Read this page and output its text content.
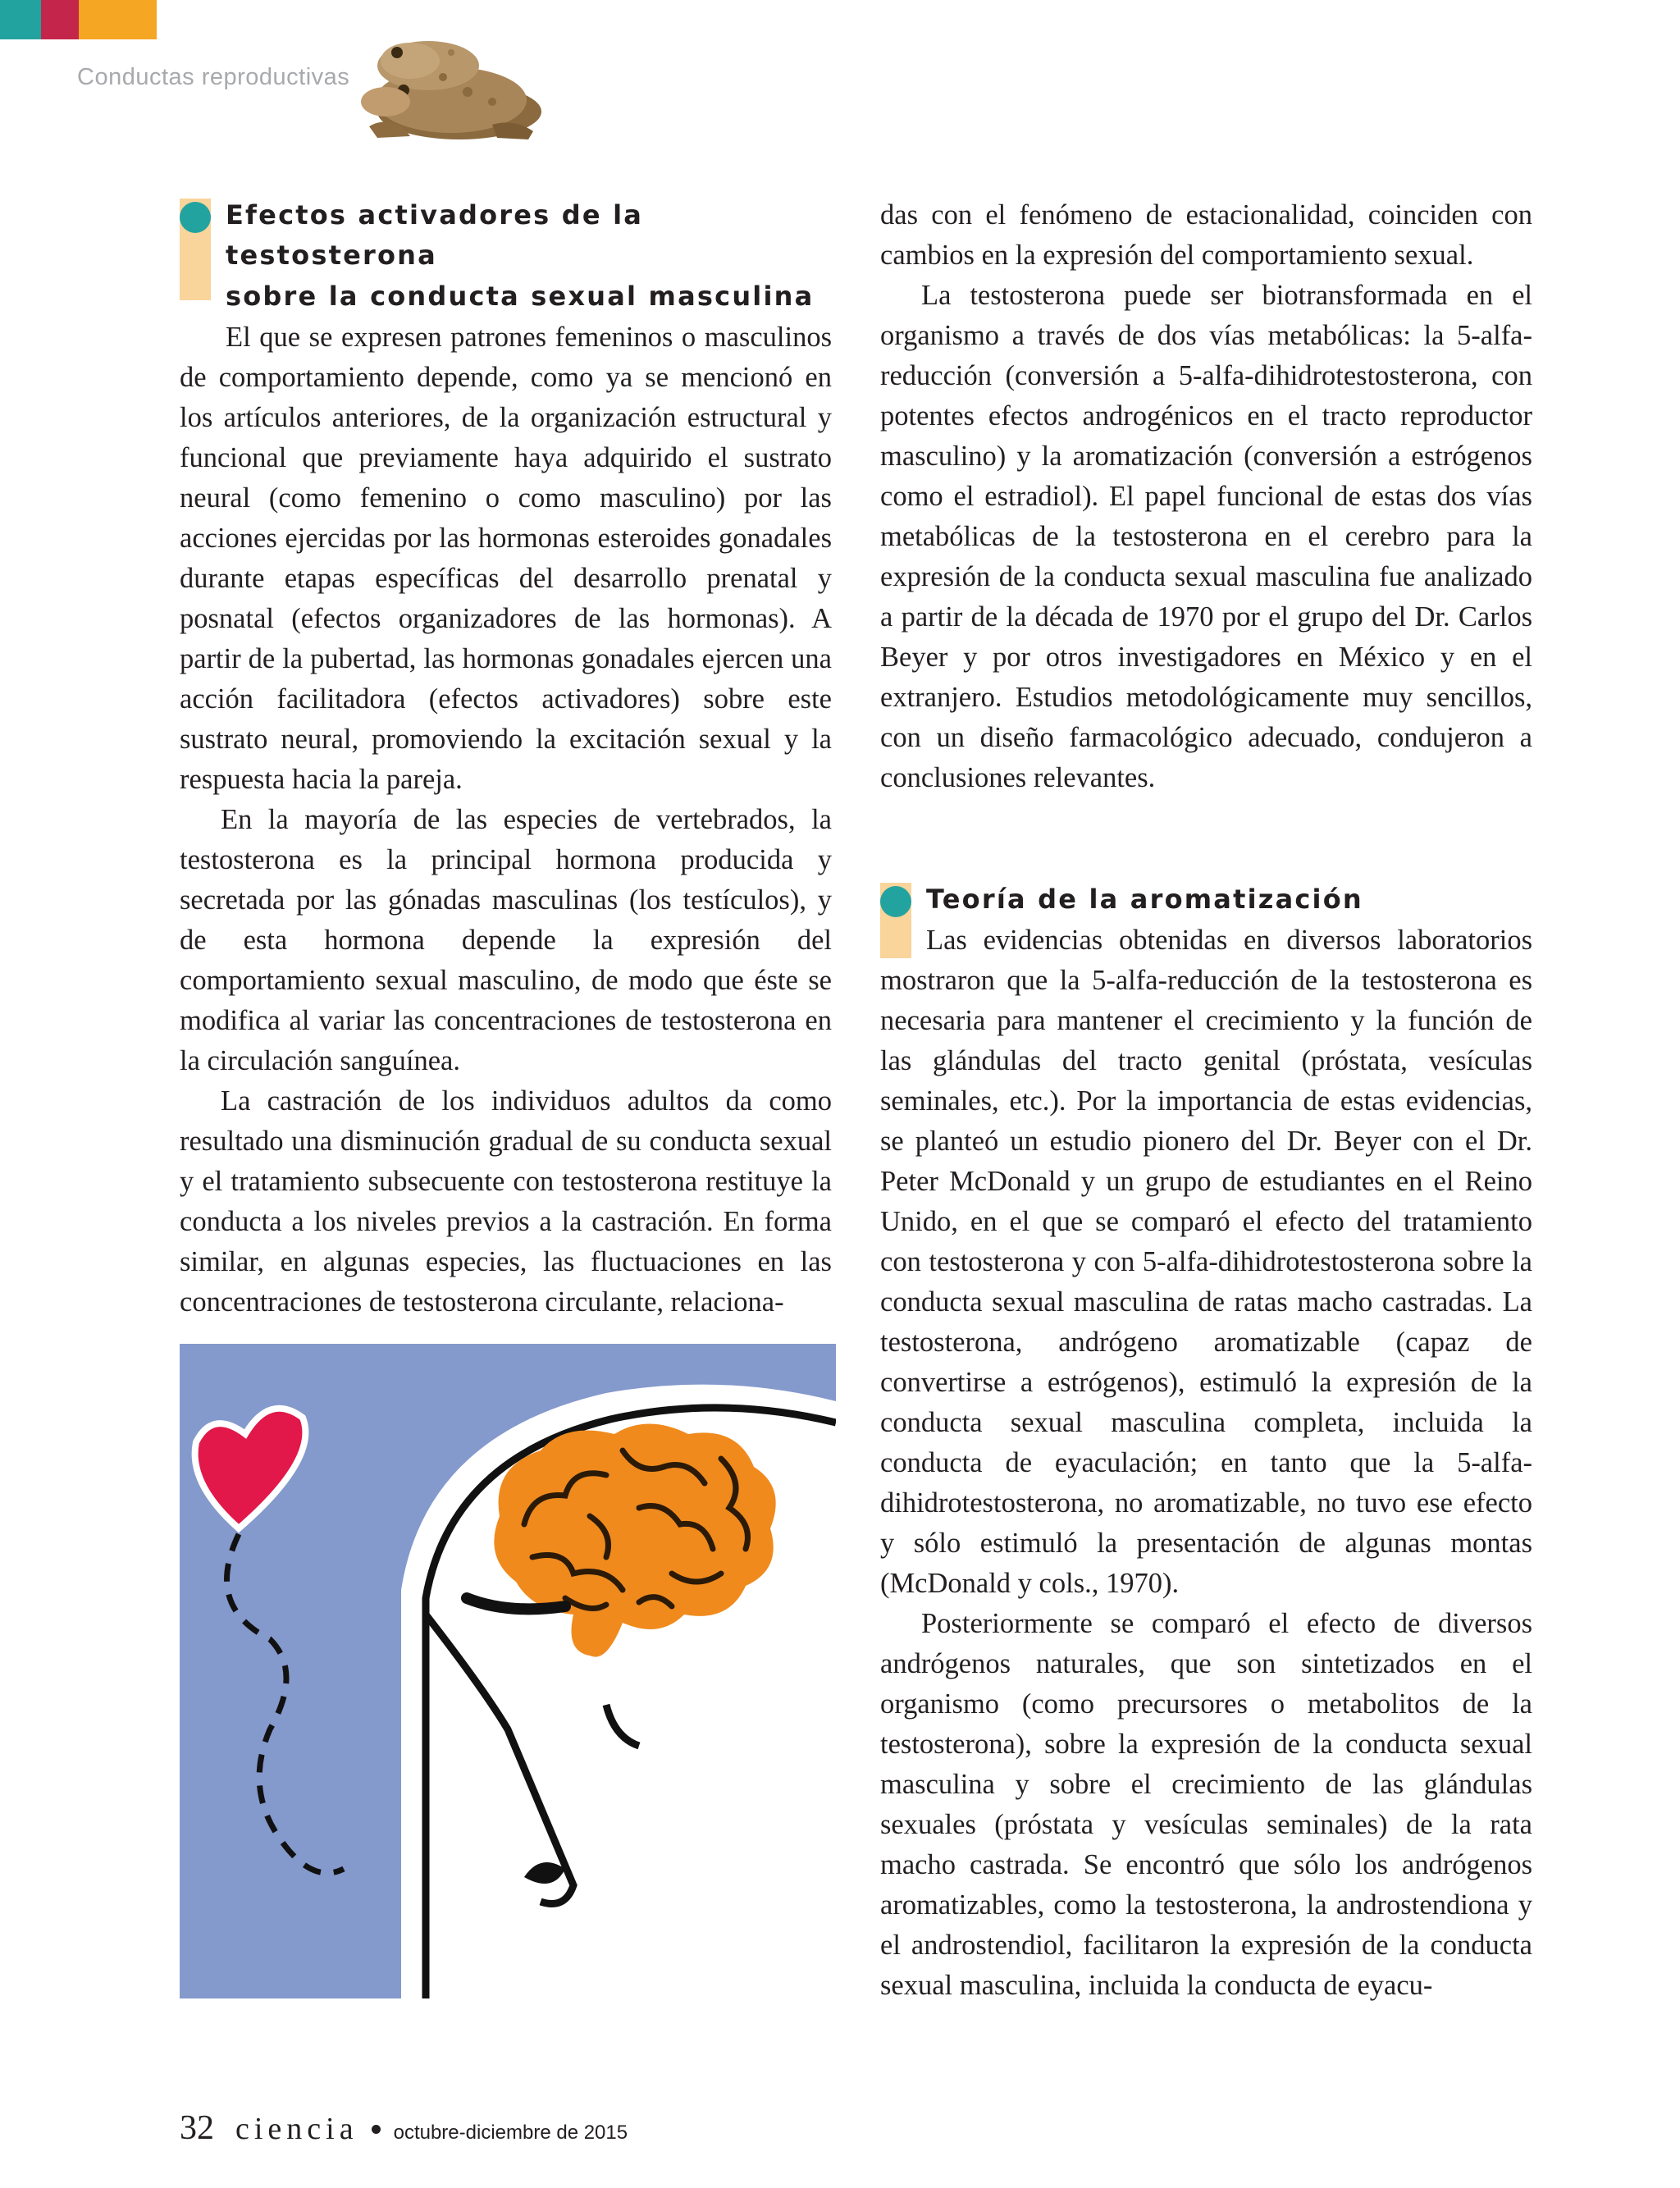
Conductas reproductivas
Efectos activadores de la testosterona
sobre la conducta sexual masculina

El que se expresen patrones femeninos o masculinos de comportamiento depende, como ya se mencionó en los artículos anteriores, de la organización estructural y funcional que previamente haya adquirido el sustrato neural (como femenino o como masculino) por las acciones ejercidas por las hormonas esteroides gonadales durante etapas específicas del desarrollo prenatal y posnatal (efectos organizadores de las hormonas). A partir de la pubertad, las hormonas gonadales ejercen una acción facilitadora (efectos activadores) sobre este sustrato neural, promoviendo la excitación sexual y la respuesta hacia la pareja.

En la mayoría de las especies de vertebrados, la testosterona es la principal hormona producida y secretada por las gónadas masculinas (los testículos), y de esta hormona depende la expresión del comportamiento sexual masculino, de modo que éste se modifica al variar las concentraciones de testosterona en la circulación sanguínea.

La castración de los individuos adultos da como resultado una disminución gradual de su conducta sexual y el tratamiento subsecuente con testosterona restituye la conducta a los niveles previos a la castración. En forma similar, en algunas especies, las fluctuaciones en las concentraciones de testosterona circulante, relaciona-

das con el fenómeno de estacionalidad, coinciden con cambios en la expresión del comportamiento sexual.

La testosterona puede ser biotransformada en el organismo a través de dos vías metabólicas: la 5-alfa-reducción (conversión a 5-alfa-dihidrotestosterona, con potentes efectos androgénicos en el tracto reproductor masculino) y la aromatización (conversión a estrógenos como el estradiol). El papel funcional de estas dos vías metabólicas de la testosterona en el cerebro para la expresión de la conducta sexual masculina fue analizado a partir de la década de 1970 por el grupo del Dr. Carlos Beyer y por otros investigadores en México y en el extranjero. Estudios metodológicamente muy sencillos, con un diseño farmacológico adecuado, condujeron a conclusiones relevantes.

Teoría de la aromatización

Las evidencias obtenidas en diversos laboratorios mostraron que la 5-alfa-reducción de la testosterona es necesaria para mantener el crecimiento y la función de las glándulas del tracto genital (próstata, vesículas seminales, etc.). Por la importancia de estas evidencias, se planteó un estudio pionero del Dr. Beyer con el Dr. Peter McDonald y un grupo de estudiantes en el Reino Unido, en el que se comparó el efecto del tratamiento con testosterona y con 5-alfa-dihidrotestosterona sobre la conducta sexual masculina de ratas macho castradas. La testosterona, andrógeno aromatizable (capaz de convertirse a estrógenos), estimuló la expresión de la conducta sexual masculina completa, incluida la conducta de eyaculación; en tanto que la 5-alfa-dihidrotestosterona, no aromatizable, no tuvo ese efecto y sólo estimuló la presentación de algunas montas (McDonald y cols., 1970).

Posteriormente se comparó el efecto de diversos andrógenos naturales, que son sintetizados en el organismo (como precursores o metabolitos de la testosterona), sobre la expresión de la conducta sexual masculina y sobre el crecimiento de las glándulas sexuales (próstata y vesículas seminales) de la rata macho castrada. Se encontró que sólo los andrógenos aromatizables, como la testosterona, la androstendiona y el androstendiol, facilitaron la expresión de la conducta sexual masculina, incluida la conducta de eyacu-

32 ciencia octubre-diciembre de 2015
